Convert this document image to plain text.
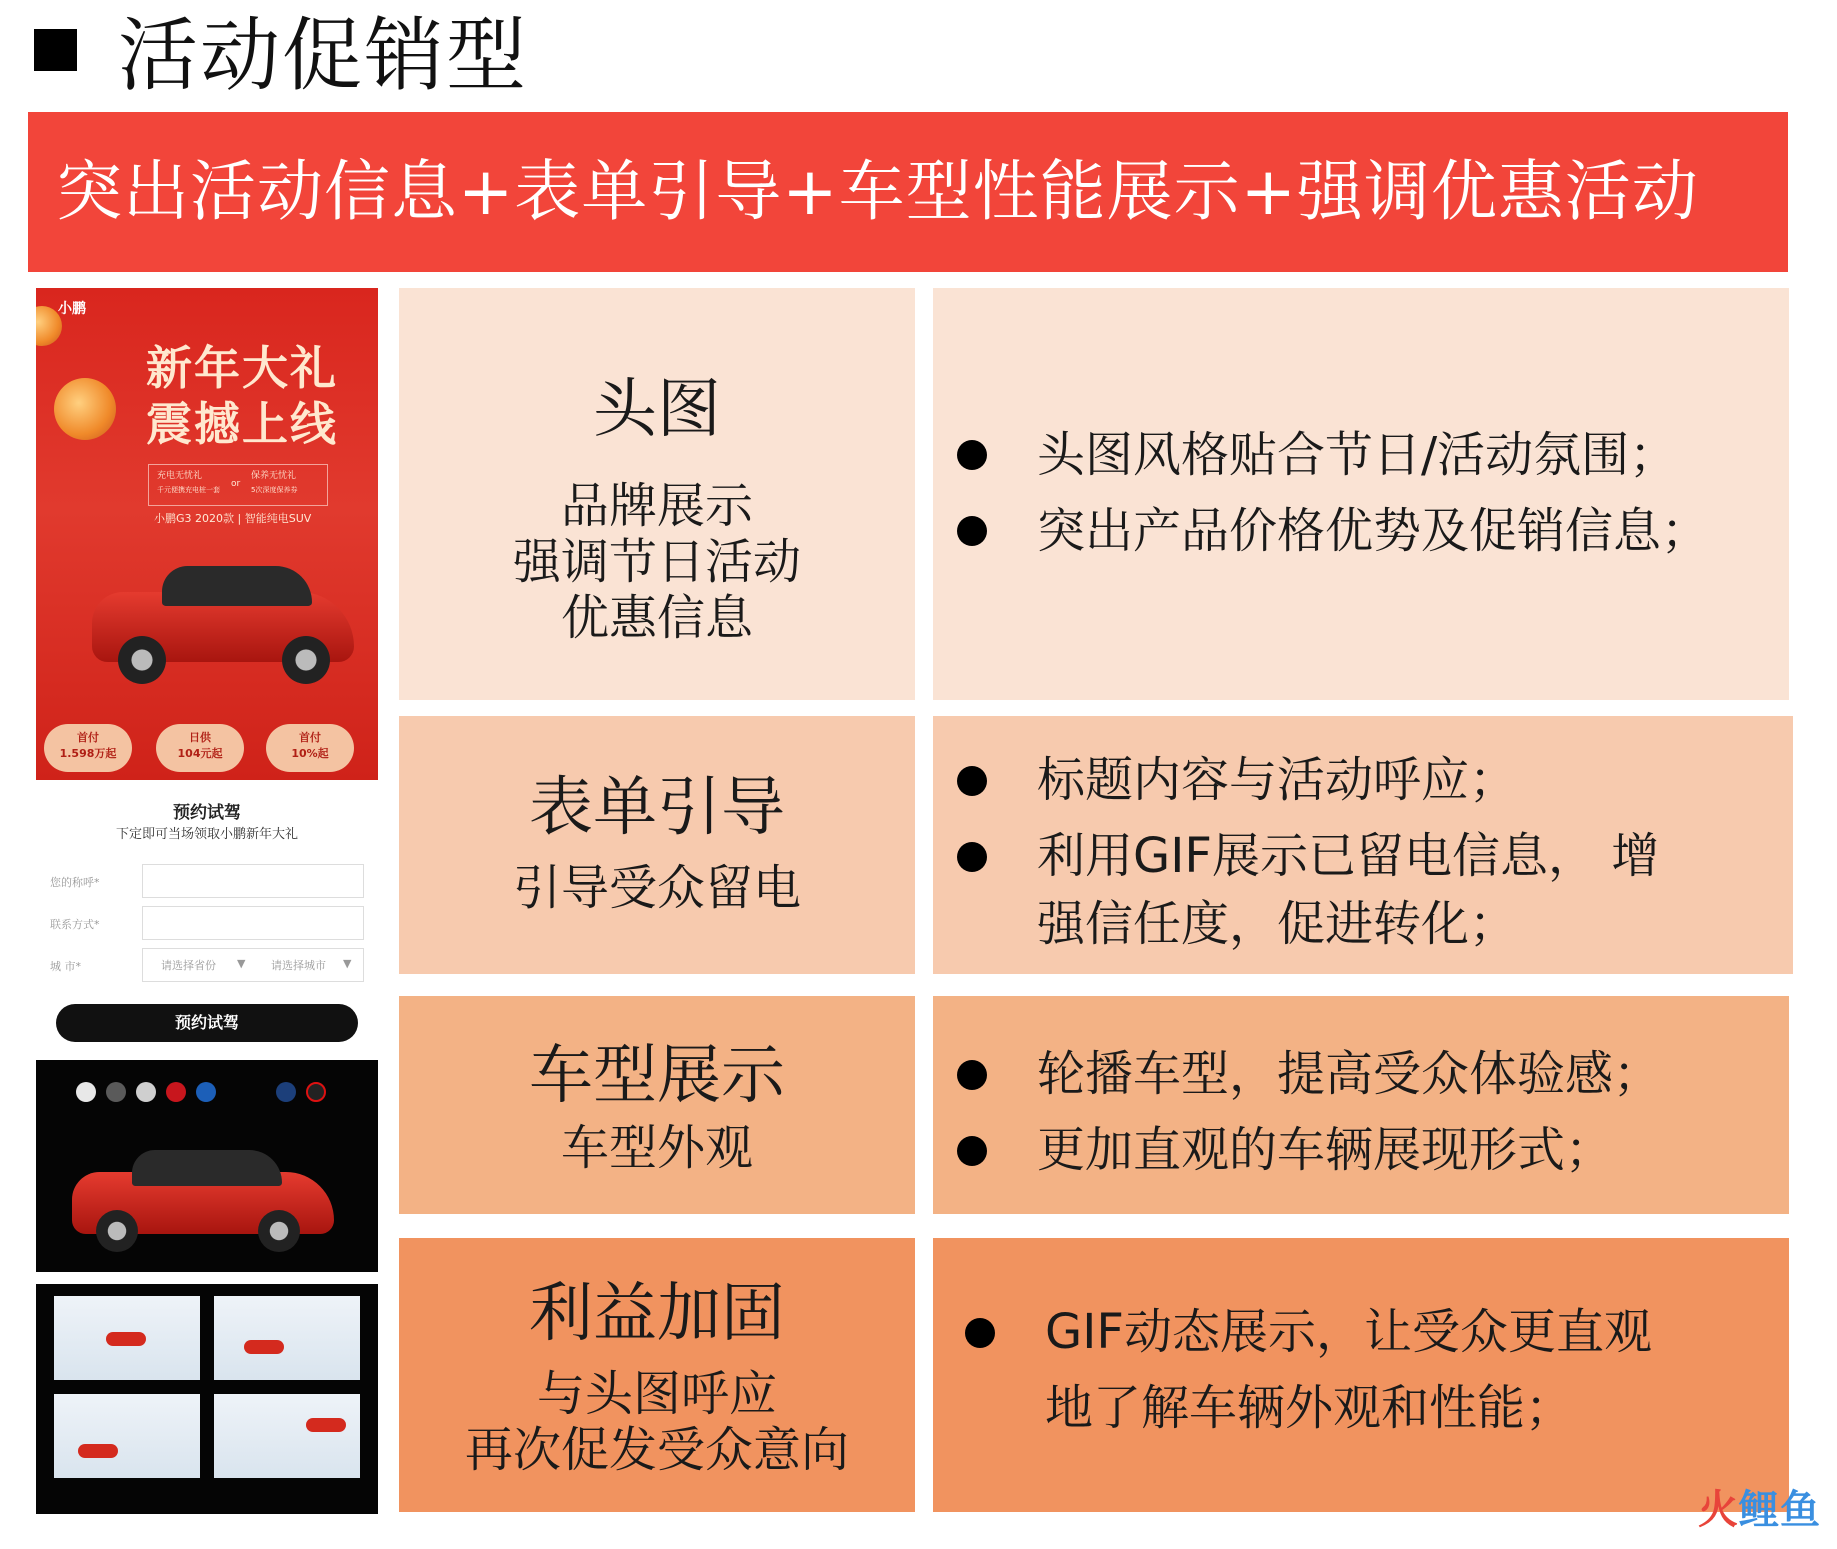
活动促销型
突出活动信息+表单引导+车型性能展示+强调优惠活动
小鹏
新年大礼
震撼上线
充电无忧礼
千元便携充电桩一套
or
保养无忧礼
5次深度保养券
小鹏G3 2020款 | 智能纯电SUV
首付
1.598万起
日供
104元起
首付
10%起
预约试驾
下定即可当场领取小鹏新年大礼
您的称呼*
联系方式*
城 市*	请选择省份 ▼ 请选择城市 ▼
预约试驾
头图
品牌展示
强调节日活动
优惠信息
头图风格贴合节日/活动氛围；
突出产品价格优势及促销信息；
表单引导
引导受众留电
标题内容与活动呼应；
利用GIF展示已留电信息， 增
强信任度，促进转化；
车型展示
车型外观
轮播车型，提高受众体验感；
更加直观的车辆展现形式；
利益加固
与头图呼应
再次促发受众意向
GIF动态展示，让受众更直观
地了解车辆外观和性能；
火鲤鱼
